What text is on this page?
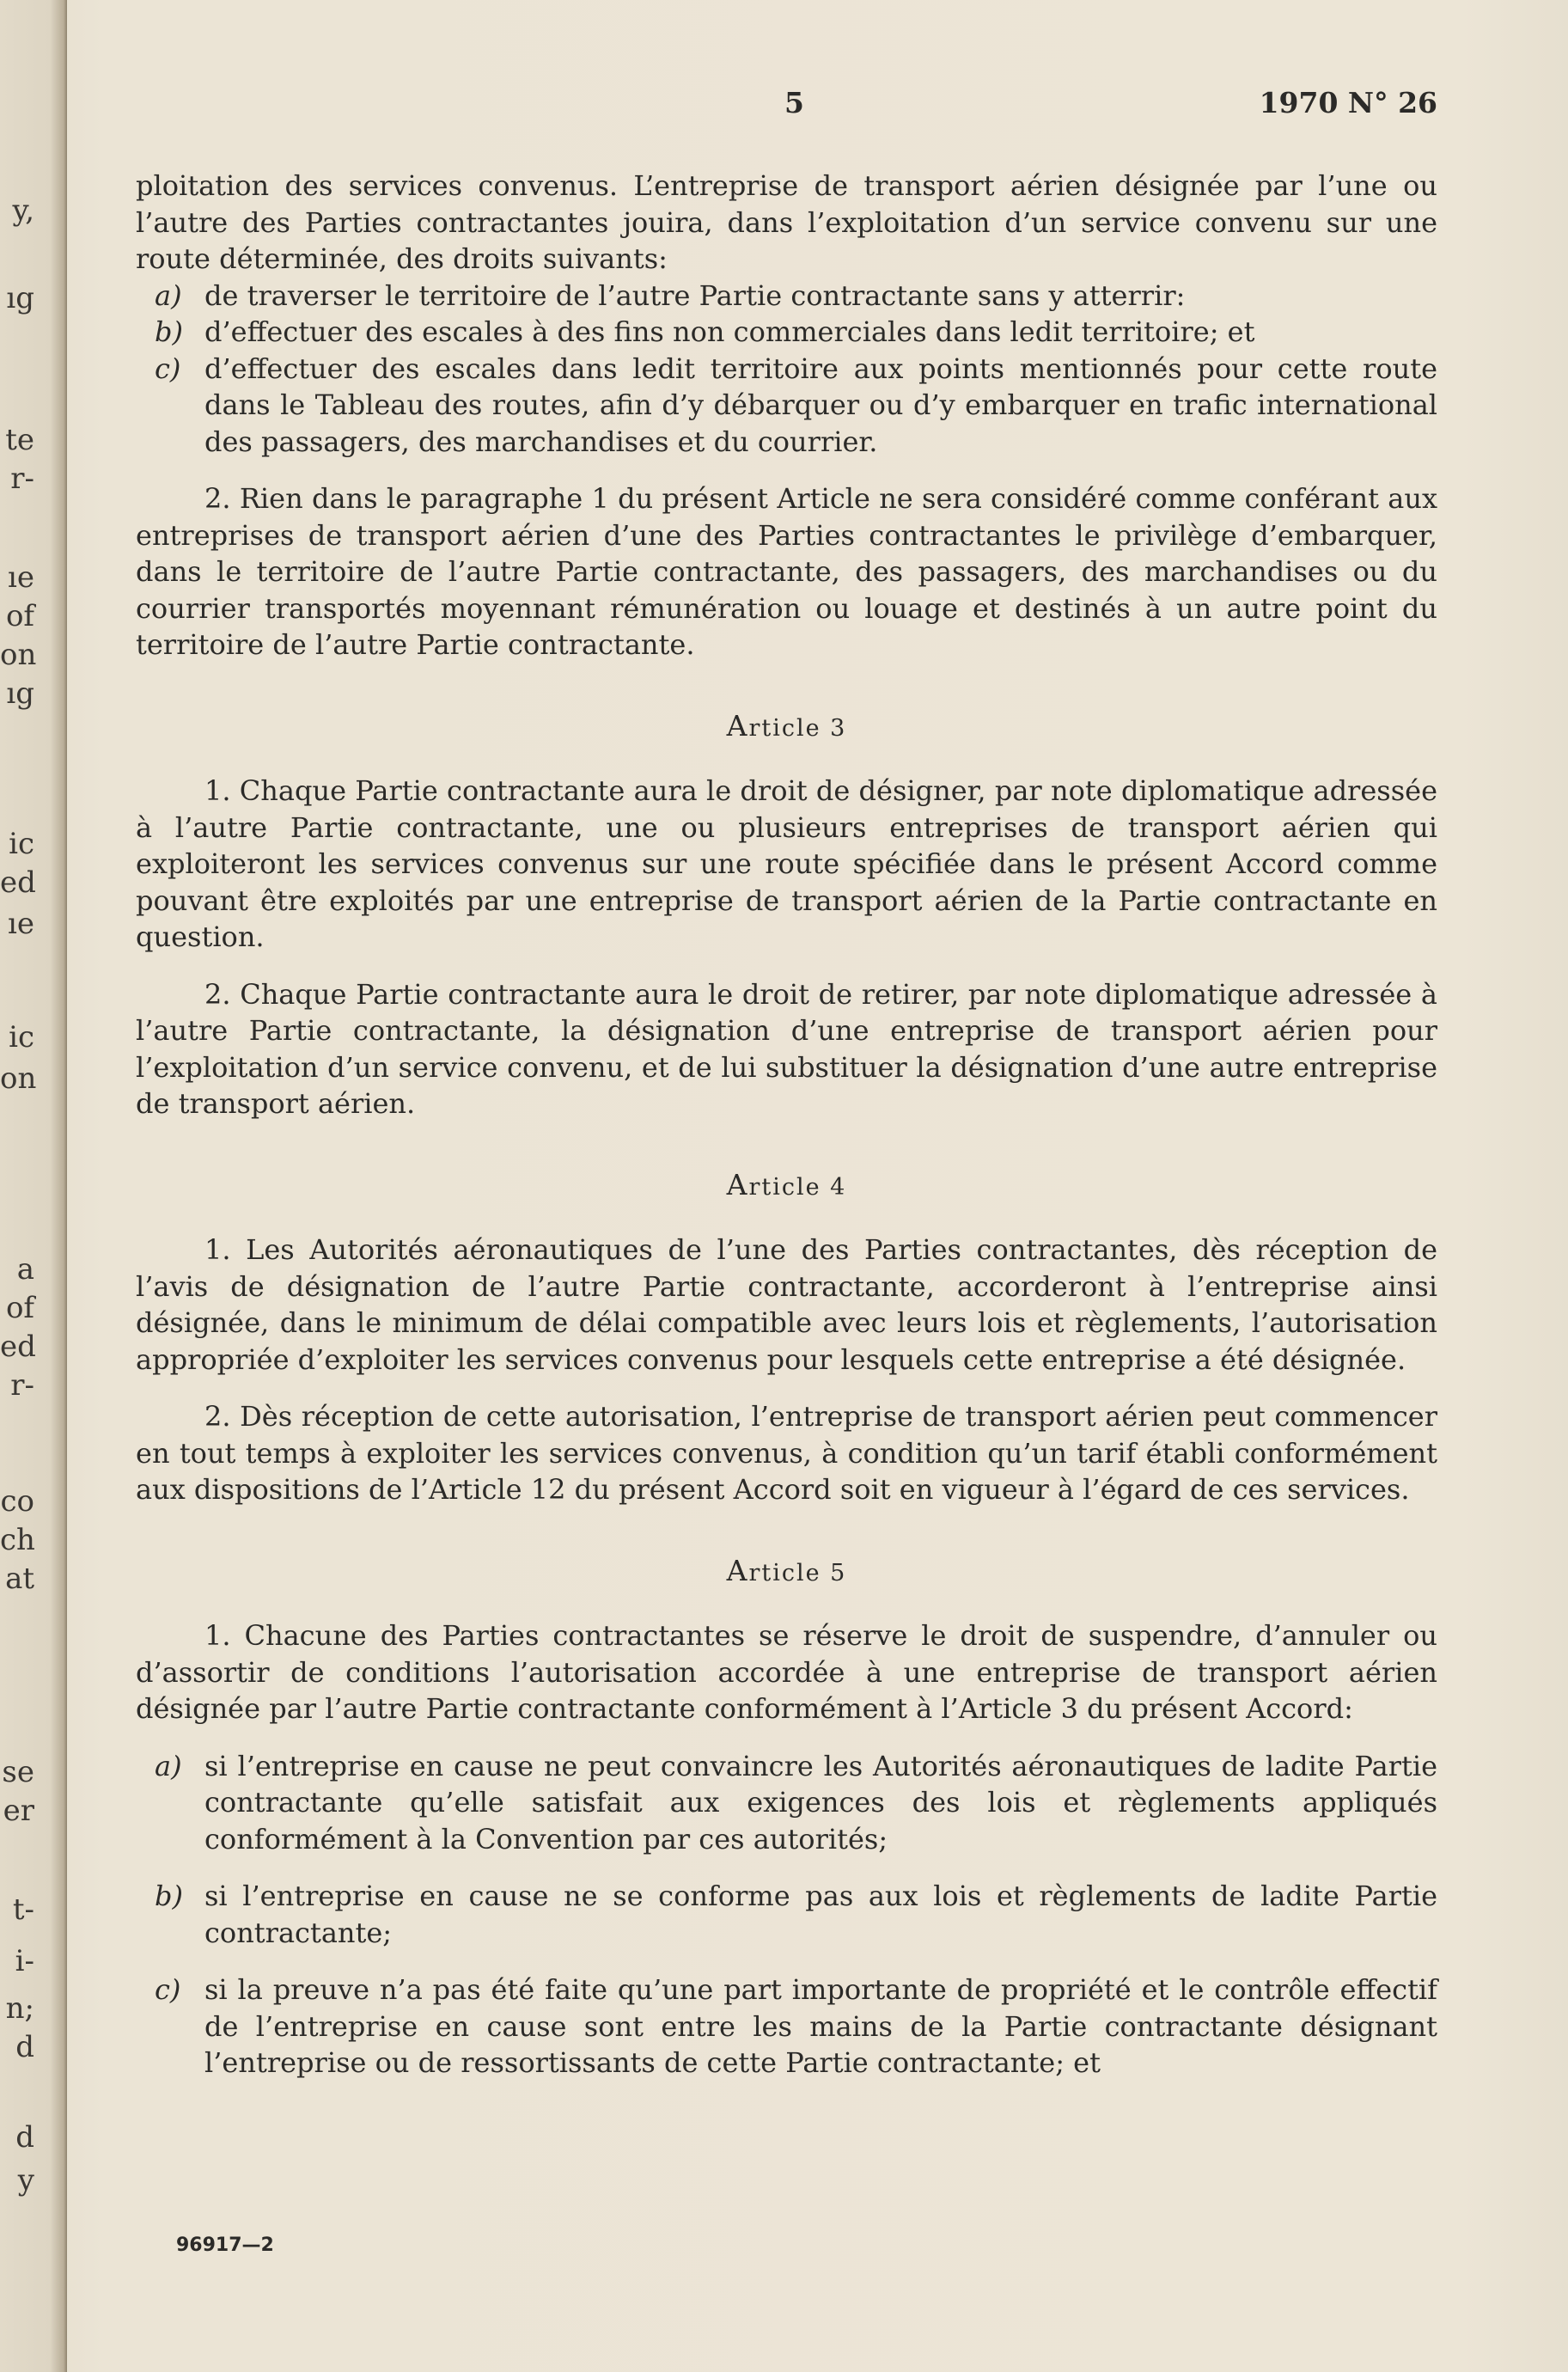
y,
ıg
te
r-
ıe
of
on
ıg
ic
ed
ıe
ic
on
a
of
ed
r-
co
ch
at
se
er
t-
i-
n;
d
d
y
5	1970 N° 26

ploitation des services convenus. L’entreprise de transport aérien désignée par l’une ou l’autre des Parties contractantes jouira, dans l’exploitation d’un service convenu sur une route déterminée, des droits suivants:

a) de traverser le territoire de l’autre Partie contractante sans y atterrir:
b) d’effectuer des escales à des fins non commerciales dans ledit territoire; et
c) d’effectuer des escales dans ledit territoire aux points mentionnés pour cette route dans le Tableau des routes, afin d’y débarquer ou d’y embarquer en trafic international des passagers, des marchandises et du courrier.

2. Rien dans le paragraphe 1 du présent Article ne sera considéré comme conférant aux entreprises de transport aérien d’une des Parties contractantes le privilège d’embarquer, dans le territoire de l’autre Partie contractante, des passagers, des marchandises ou du courrier transportés moyennant rémunération ou louage et destinés à un autre point du territoire de l’autre Partie contractante.

Article 3

1. Chaque Partie contractante aura le droit de désigner, par note diplomatique adressée à l’autre Partie contractante, une ou plusieurs entreprises de transport aérien qui exploiteront les services convenus sur une route spécifiée dans le présent Accord comme pouvant être exploités par une entreprise de transport aérien de la Partie contractante en question.

2. Chaque Partie contractante aura le droit de retirer, par note diplomatique adressée à l’autre Partie contractante, la désignation d’une entreprise de transport aérien pour l’exploitation d’un service convenu, et de lui substituer la désignation d’une autre entreprise de transport aérien.

Article 4

1. Les Autorités aéronautiques de l’une des Parties contractantes, dès réception de l’avis de désignation de l’autre Partie contractante, accorderont à l’entreprise ainsi désignée, dans le minimum de délai compatible avec leurs lois et règlements, l’autorisation appropriée d’exploiter les services convenus pour lesquels cette entreprise a été désignée.

2. Dès réception de cette autorisation, l’entreprise de transport aérien peut commencer en tout temps à exploiter les services convenus, à condition qu’un tarif établi conformément aux dispositions de l’Article 12 du présent Accord soit en vigueur à l’égard de ces services.

Article 5

1. Chacune des Parties contractantes se réserve le droit de suspendre, d’annuler ou d’assortir de conditions l’autorisation accordée à une entreprise de transport aérien désignée par l’autre Partie contractante conformément à l’Article 3 du présent Accord:

a) si l’entreprise en cause ne peut convaincre les Autorités aéronautiques de ladite Partie contractante qu’elle satisfait aux exigences des lois et règlements appliqués conformément à la Convention par ces autorités;
b) si l’entreprise en cause ne se conforme pas aux lois et règlements de ladite Partie contractante;
c) si la preuve n’a pas été faite qu’une part importante de propriété et le contrôle effectif de l’entreprise en cause sont entre les mains de la Partie contractante désignant l’entreprise ou de ressortissants de cette Partie contractante; et
96917—2
